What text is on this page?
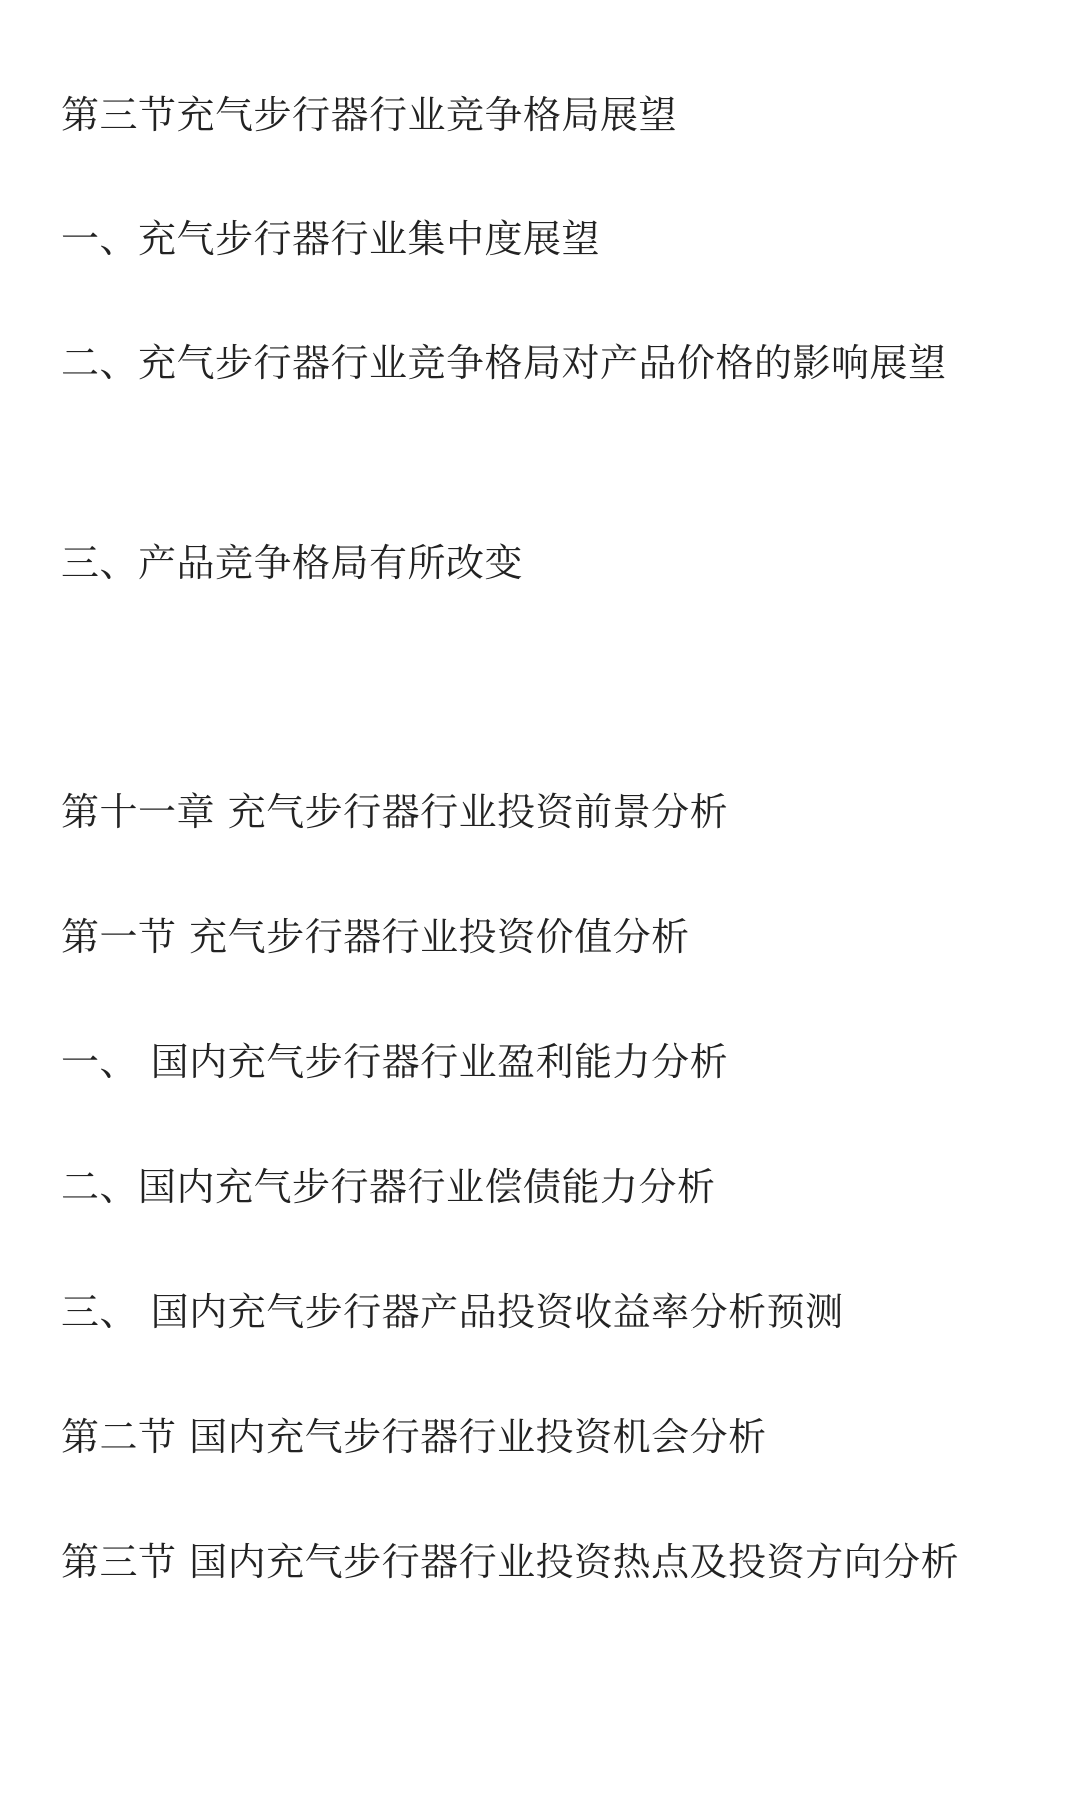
第三节充气步行器行业竞争格局展望
一、充气步行器行业集中度展望
二、充气步行器行业竞争格局对产品价格的影响展望
三、产品竞争格局有所改变
第十一章 充气步行器行业投资前景分析
第一节 充气步行器行业投资价值分析
一、 国内充气步行器行业盈利能力分析
二、国内充气步行器行业偿债能力分析
三、 国内充气步行器产品投资收益率分析预测
第二节 国内充气步行器行业投资机会分析
第三节 国内充气步行器行业投资热点及投资方向分析
